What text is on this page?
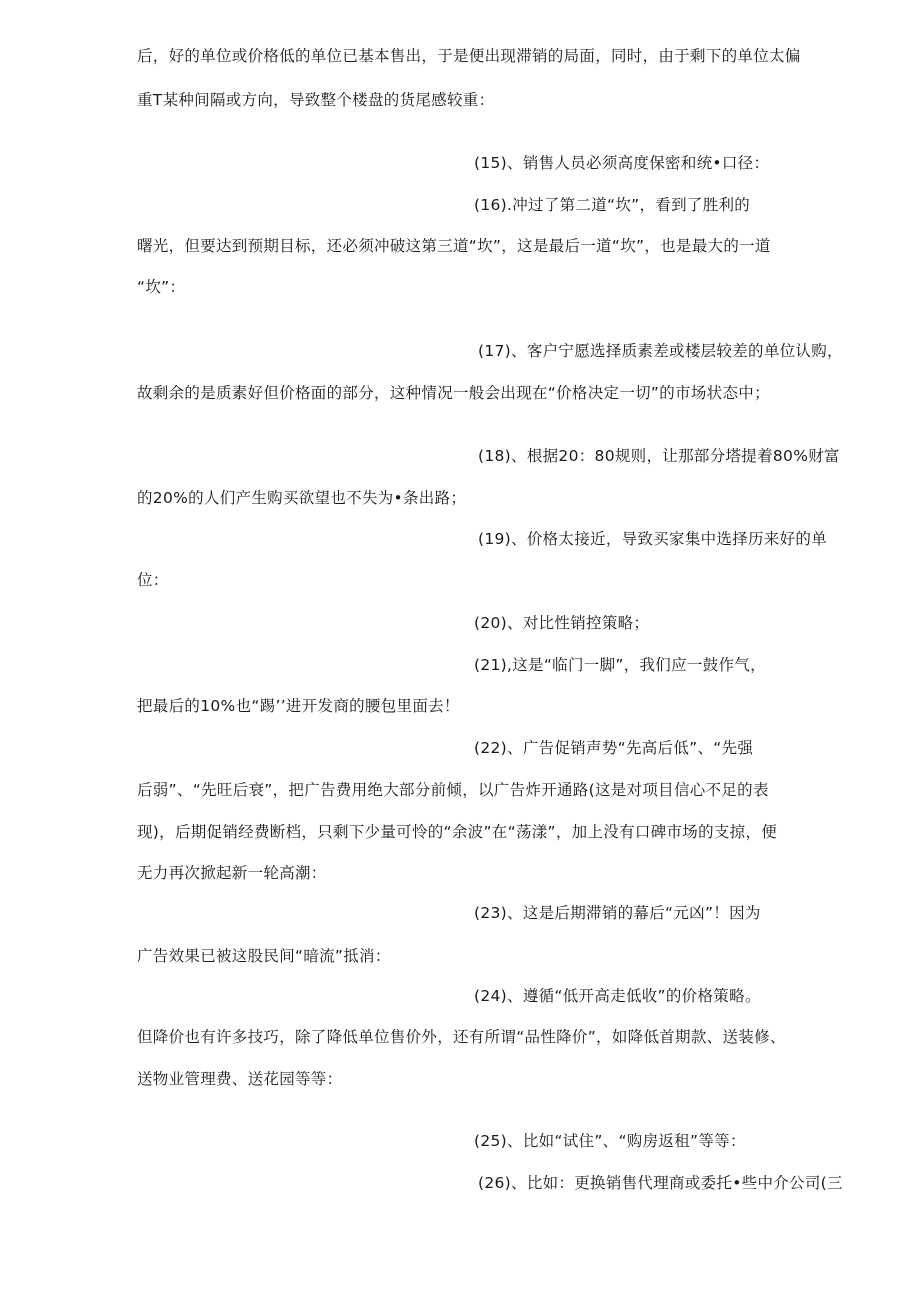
后，好的单位或价格低的单位已基本售出，于是便出现滞销的局面，同时，由于剩下的单位太偏
重T某种间隔或方向，导致整个楼盘的货尾感较重：
(15)、销售人员必须高度保密和统•口径：
(16).冲过了第二道“坎”，看到了胜利的
曙光，但要达到预期目标，还必须冲破这第三道“坎”，这是最后一道“坎”，也是最大的一道
“坎”：
(17)、客户宁愿选择质素差或楼层较差的单位认购，
故剩余的是质素好但价格面的部分，这种情况一般会出现在“价格决定一切”的市场状态中；
(18)、根据20：80规则，让那部分塔提着80%财富
的20%的人们产生购买欲望也不失为•条出路；
(19)、价格太接近，导致买家集中选择历来好的单
位：
(20)、对比性销控策略；
(21),这是“临门一脚”，我们应一鼓作气，
把最后的10%也“踢’’进开发商的腰包里面去！
(22)、广告促销声势“先高后低”、“先强
后弱”、“先旺后衰”，把广告费用绝大部分前倾，以广告炸开通路(这是对项目信心不足的表
现)，后期促销经费断档，只剩下少量可怜的“余波”在“荡漾”，加上没有口碑市场的支掠，便
无力再次掀起新一轮高潮：
(23)、这是后期滞销的幕后“元凶”！因为
广告效果已被这股民间“暗流”抵消：
(24)、遵循“低开高走低收”的价格策略。
但降价也有许多技巧，除了降低单位售价外，还有所谓“品性降价”，如降低首期款、送装修、
送物业管理费、送花园等等：
(25)、比如“试住”、“购房返租”等等：
(26)、比如：更换销售代理商或委托•些中介公司(三
